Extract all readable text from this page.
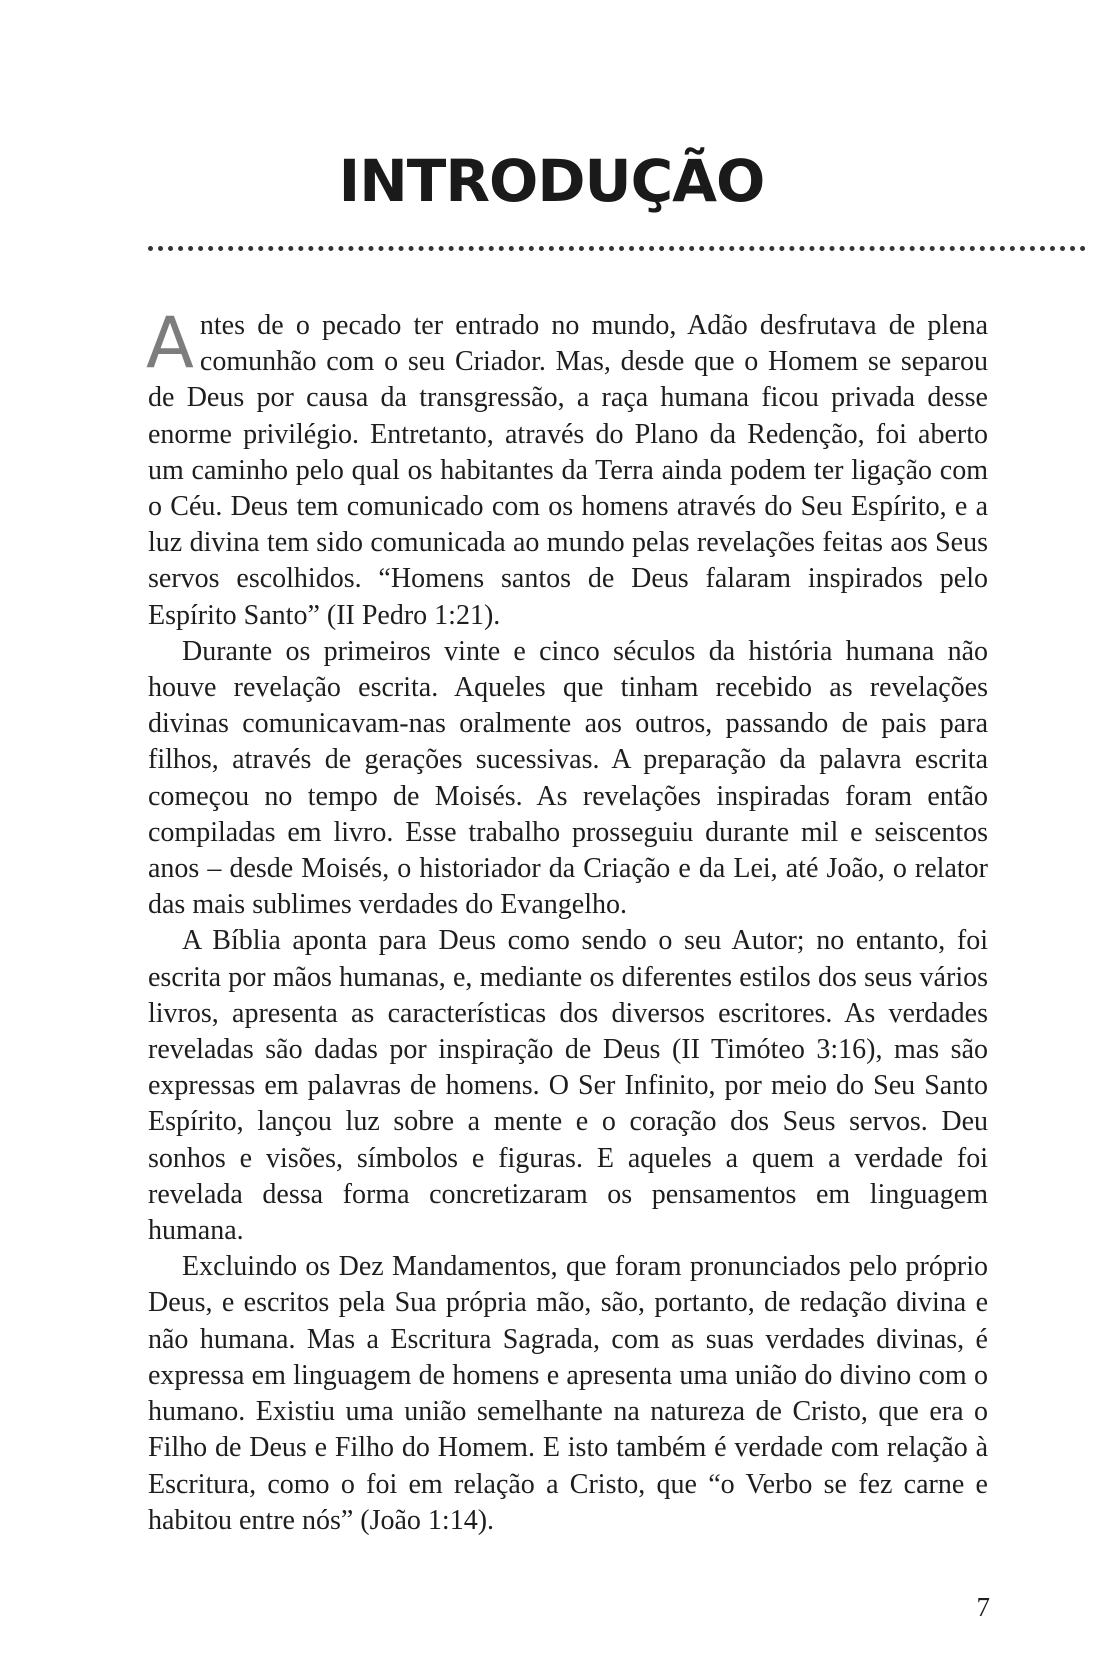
INTRODUÇÃO

Antes de o pecado ter entrado no mundo, Adão desfrutava de plena comunhão com o seu Criador. Mas, desde que o Homem se separou de Deus por causa da transgressão, a raça humana ficou privada desse enorme privilégio. Entretanto, através do Plano da Redenção, foi aberto um caminho pelo qual os habitantes da Terra ainda podem ter ligação com o Céu. Deus tem comunicado com os homens através do Seu Espírito, e a luz divina tem sido comunicada ao mundo pelas revelações feitas aos Seus servos escolhidos. “Homens santos de Deus falaram inspirados pelo Espírito Santo” (II Pedro 1:21).

Durante os primeiros vinte e cinco séculos da história humana não houve revelação escrita. Aqueles que tinham recebido as revelações divinas comunicavam-nas oralmente aos outros, passando de pais para filhos, através de gerações sucessivas. A preparação da palavra escrita começou no tempo de Moisés. As revelações inspiradas foram então compiladas em livro. Esse trabalho prosseguiu durante mil e seiscentos anos – desde Moisés, o historiador da Criação e da Lei, até João, o relator das mais sublimes verdades do Evangelho.

A Bíblia aponta para Deus como sendo o seu Autor; no entanto, foi escrita por mãos humanas, e, mediante os diferentes estilos dos seus vários livros, apresenta as características dos diversos escritores. As verdades reveladas são dadas por inspiração de Deus (II Timóteo 3:16), mas são expressas em palavras de homens. O Ser Infinito, por meio do Seu Santo Espírito, lançou luz sobre a mente e o coração dos Seus servos. Deu sonhos e visões, símbolos e figuras. E aqueles a quem a verdade foi revelada dessa forma concretizaram os pensamentos em linguagem humana.

Excluindo os Dez Mandamentos, que foram pronunciados pelo próprio Deus, e escritos pela Sua própria mão, são, portanto, de redação divina e não humana. Mas a Escritura Sagrada, com as suas verdades divinas, é expressa em linguagem de homens e apresenta uma união do divino com o humano. Existiu uma união semelhante na natureza de Cristo, que era o Filho de Deus e Filho do Homem. E isto também é verdade com relação à Escritura, como o foi em relação a Cristo, que “o Verbo se fez carne e habitou entre nós” (João 1:14).

7
